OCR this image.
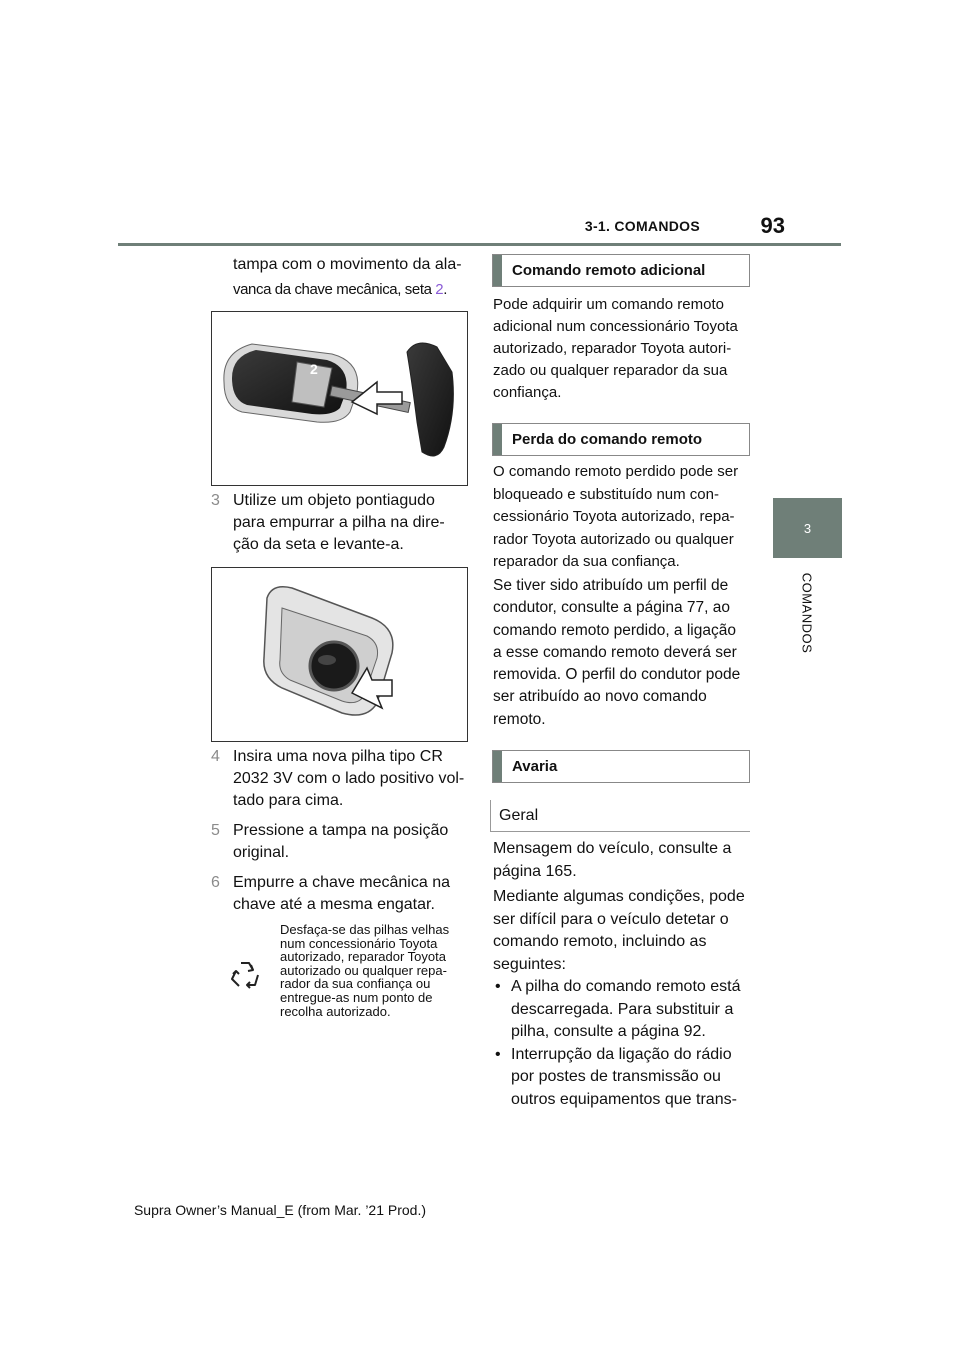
3-1. COMANDOS	93
3
COMANDOS
tampa com o movimento da ala-
vanca da chave mecânica, seta 2.
2
3 Utilize um objeto pontiagudo
para empurrar a pilha na dire-
ção da seta e levante-a.
4 Insira uma nova pilha tipo CR
2032 3V com o lado positivo vol-
tado para cima.
5 Pressione a tampa na posição
original.
6 Empurre a chave mecânica na
chave até a mesma engatar.
Desfaça-se das pilhas velhas
num concessionário Toyota
autorizado, reparador Toyota
autorizado ou qualquer repa-
rador da sua confiança ou
entregue-as num ponto de
recolha autorizado.
Comando remoto adicional
Pode adquirir um comando remoto
adicional num concessionário Toyota
autorizado, reparador Toyota autori-
zado ou qualquer reparador da sua
confiança.
Perda do comando remoto
O comando remoto perdido pode ser
bloqueado e substituído num con-
cessionário Toyota autorizado, repa-
rador Toyota autorizado ou qualquer
reparador da sua confiança.
Se tiver sido atribuído um perfil de
condutor, consulte a página 77, ao
comando remoto perdido, a ligação
a esse comando remoto deverá ser
removida. O perfil do condutor pode
ser atribuído ao novo comando
remoto.
Avaria
Geral
Mensagem do veículo, consulte a
página 165.
Mediante algumas condições, pode
ser difícil para o veículo detetar o
comando remoto, incluindo as
seguintes:
• A pilha do comando remoto está
descarregada. Para substituir a
pilha, consulte a página 92.
• Interrupção da ligação do rádio
por postes de transmissão ou
outros equipamentos que trans-
Supra Owner’s Manual_E (from Mar. ’21 Prod.)
